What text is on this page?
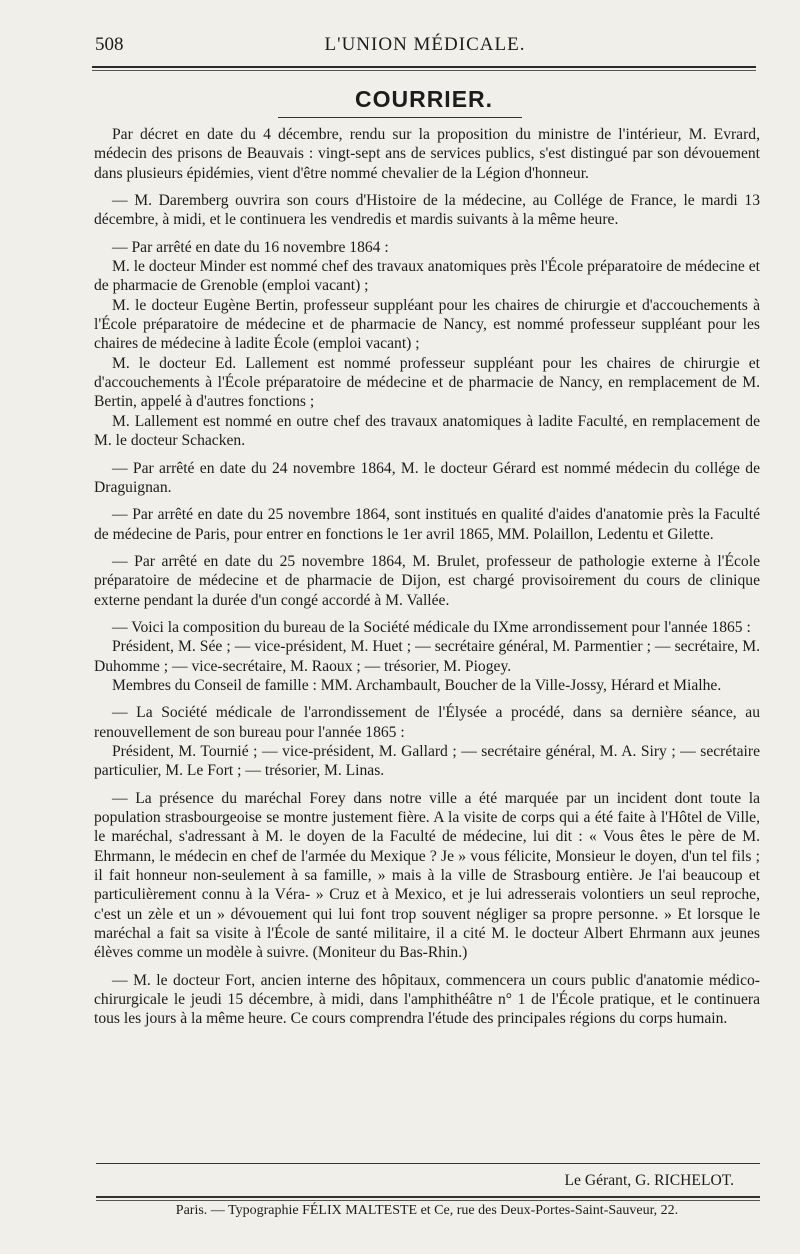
508	L'UNION MÉDICALE.
COURRIER.

Par décret en date du 4 décembre, rendu sur la proposition du ministre de l'intérieur, M. Evrard, médecin des prisons de Beauvais : vingt-sept ans de services publics, s'est distingué par son dévouement dans plusieurs épidémies, vient d'être nommé chevalier de la Légion d'honneur.

— M. Daremberg ouvrira son cours d'Histoire de la médecine, au Collége de France, le mardi 13 décembre, à midi, et le continuera les vendredis et mardis suivants à la même heure.

— Par arrêté en date du 16 novembre 1864 :

M. le docteur Minder est nommé chef des travaux anatomiques près l'École préparatoire de médecine et de pharmacie de Grenoble (emploi vacant) ;

M. le docteur Eugène Bertin, professeur suppléant pour les chaires de chirurgie et d'accouchements à l'École préparatoire de médecine et de pharmacie de Nancy, est nommé professeur suppléant pour les chaires de médecine à ladite École (emploi vacant) ;

M. le docteur Ed. Lallement est nommé professeur suppléant pour les chaires de chirurgie et d'accouchements à l'École préparatoire de médecine et de pharmacie de Nancy, en remplacement de M. Bertin, appelé à d'autres fonctions ;

M. Lallement est nommé en outre chef des travaux anatomiques à ladite Faculté, en remplacement de M. le docteur Schacken.

— Par arrêté en date du 24 novembre 1864, M. le docteur Gérard est nommé médecin du collége de Draguignan.

— Par arrêté en date du 25 novembre 1864, sont institués en qualité d'aides d'anatomie près la Faculté de médecine de Paris, pour entrer en fonctions le 1er avril 1865, MM. Polaillon, Ledentu et Gilette.

— Par arrêté en date du 25 novembre 1864, M. Brulet, professeur de pathologie externe à l'École préparatoire de médecine et de pharmacie de Dijon, est chargé provisoirement du cours de clinique externe pendant la durée d'un congé accordé à M. Vallée.

— Voici la composition du bureau de la Société médicale du IXme arrondissement pour l'année 1865 :

Président, M. Sée ; — vice-président, M. Huet ; — secrétaire général, M. Parmentier ; — secrétaire, M. Duhomme ; — vice-secrétaire, M. Raoux ; — trésorier, M. Piogey.

Membres du Conseil de famille : MM. Archambault, Boucher de la Ville-Jossy, Hérard et Mialhe.

— La Société médicale de l'arrondissement de l'Élysée a procédé, dans sa dernière séance, au renouvellement de son bureau pour l'année 1865 :

Président, M. Tournié ; — vice-président, M. Gallard ; — secrétaire général, M. A. Siry ; — secrétaire particulier, M. Le Fort ; — trésorier, M. Linas.

— La présence du maréchal Forey dans notre ville a été marquée par un incident dont toute la population strasbourgeoise se montre justement fière. A la visite de corps qui a été faite à l'Hôtel de Ville, le maréchal, s'adressant à M. le doyen de la Faculté de médecine, lui dit : « Vous êtes le père de M. Ehrmann, le médecin en chef de l'armée du Mexique ? Je » vous félicite, Monsieur le doyen, d'un tel fils ; il fait honneur non-seulement à sa famille, » mais à la ville de Strasbourg entière. Je l'ai beaucoup et particulièrement connu à la Véra- » Cruz et à Mexico, et je lui adresserais volontiers un seul reproche, c'est un zèle et un » dévouement qui lui font trop souvent négliger sa propre personne. » Et lorsque le maréchal a fait sa visite à l'École de santé militaire, il a cité M. le docteur Albert Ehrmann aux jeunes élèves comme un modèle à suivre. (Moniteur du Bas-Rhin.)

— M. le docteur Fort, ancien interne des hôpitaux, commencera un cours public d'anatomie médico-chirurgicale le jeudi 15 décembre, à midi, dans l'amphithéâtre n° 1 de l'École pratique, et le continuera tous les jours à la même heure. Ce cours comprendra l'étude des principales régions du corps humain.

Le Gérant, G. RICHELOT.
Paris. — Typographie FÉLIX MALTESTE et Ce, rue des Deux-Portes-Saint-Sauveur, 22.
